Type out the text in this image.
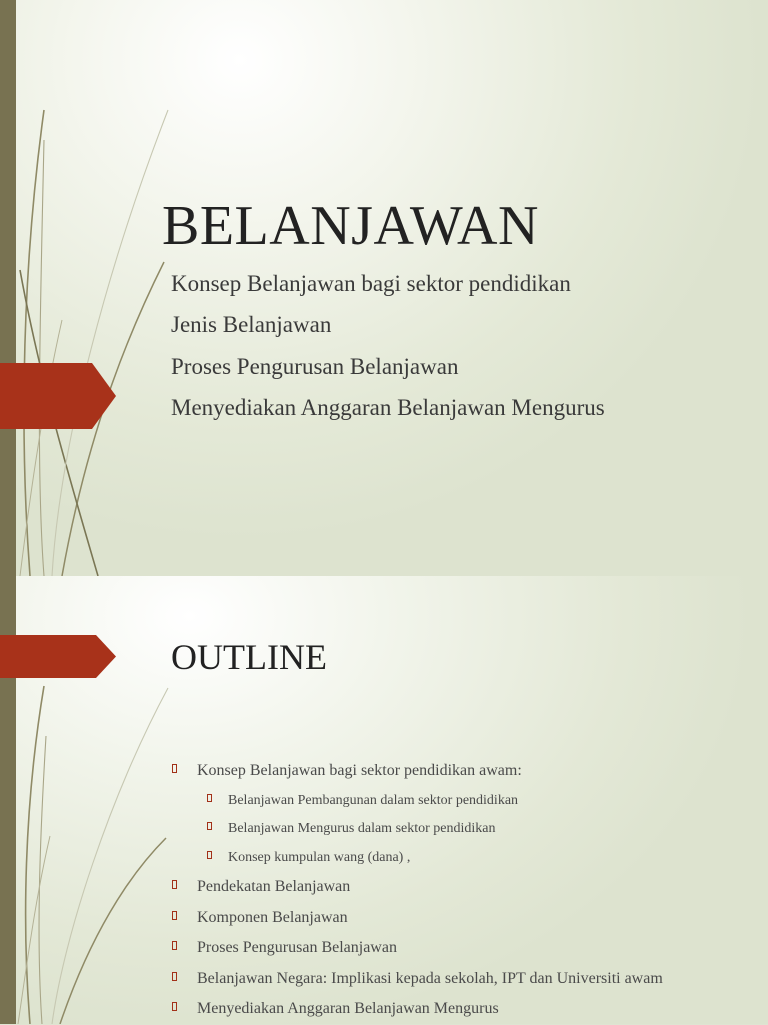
BELANJAWAN
Konsep Belanjawan bagi sektor pendidikan
Jenis Belanjawan
Proses Pengurusan Belanjawan
Menyediakan Anggaran Belanjawan Mengurus
OUTLINE
Konsep Belanjawan bagi sektor pendidikan awam:
Belanjawan Pembangunan dalam sektor pendidikan
Belanjawan Mengurus dalam sektor pendidikan
Konsep kumpulan wang (dana) ,
Pendekatan Belanjawan
Komponen Belanjawan
Proses Pengurusan Belanjawan
Belanjawan Negara: Implikasi kepada sekolah, IPT dan Universiti awam
Menyediakan Anggaran Belanjawan Mengurus
